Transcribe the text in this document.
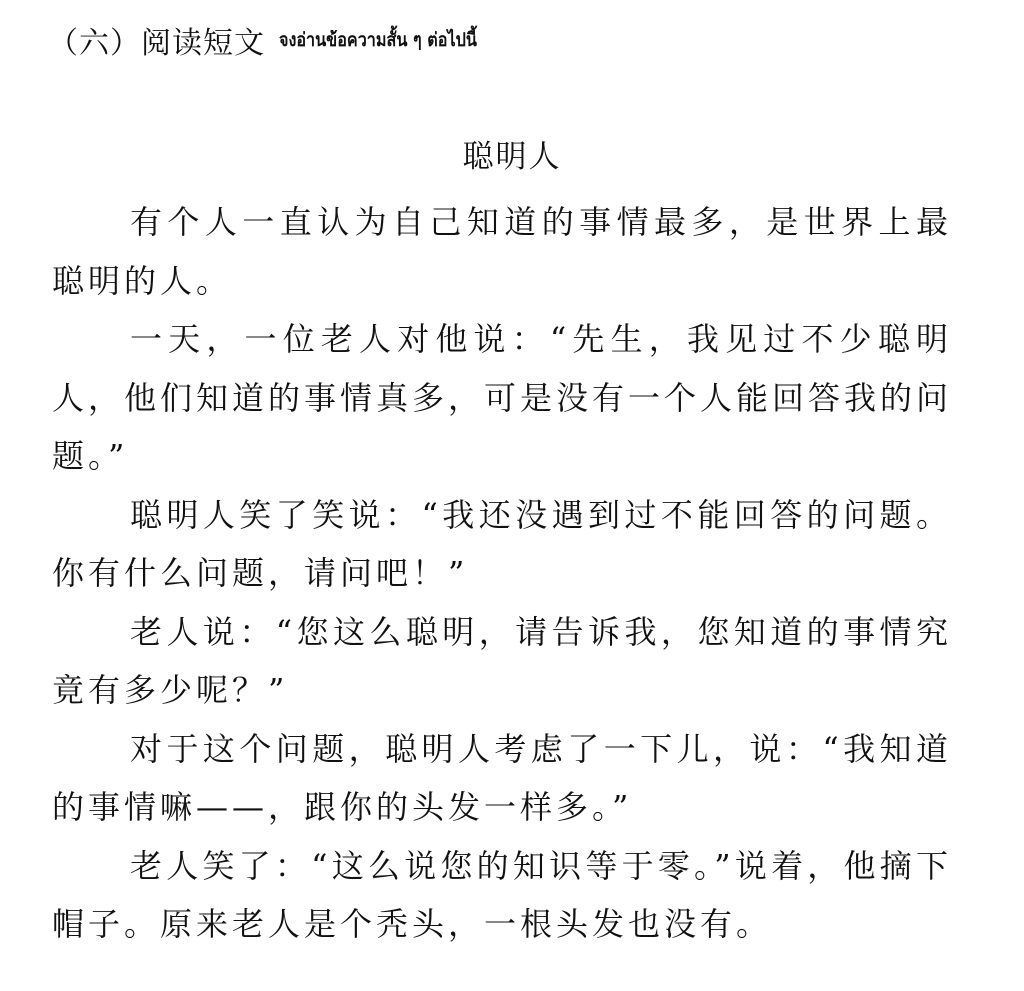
（六）阅读短文 จงอ่านข้อความสั้น ๆ ต่อไปนี้
聪明人

有个人一直认为自己知道的事情最多，是世界上最聪明的人。

一天，一位老人对他说：“先生，我见过不少聪明人，他们知道的事情真多，可是没有一个人能回答我的问题。”

聪明人笑了笑说：“我还没遇到过不能回答的问题。你有什么问题，请问吧！”

老人说：“您这么聪明，请告诉我，您知道的事情究竟有多少呢？”

对于这个问题，聪明人考虑了一下儿，说：“我知道的事情嘛——，跟你的头发一样多。”

老人笑了：“这么说您的知识等于零。”说着，他摘下帽子。原来老人是个秃头，一根头发也没有。
